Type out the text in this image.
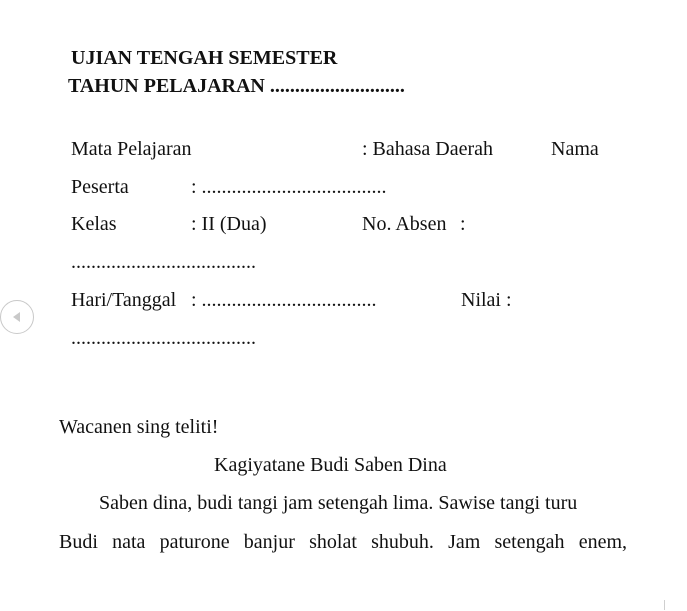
UJIAN TENGAH SEMESTER
TAHUN PELAJARAN ...........................
Mata Pelajaran	: Bahasa Daerah	Nama
Peserta	: .....................................
Kelas	: II (Dua)	No. Absen :
.....................................
Hari/Tanggal : ...................................	Nilai :
.....................................
Wacanen sing teliti!
Kagiyatane Budi Saben Dina
Saben dina, budi tangi jam setengah lima. Sawise tangi turu
Budi nata paturone banjur sholat shubuh. Jam setengah enem,
